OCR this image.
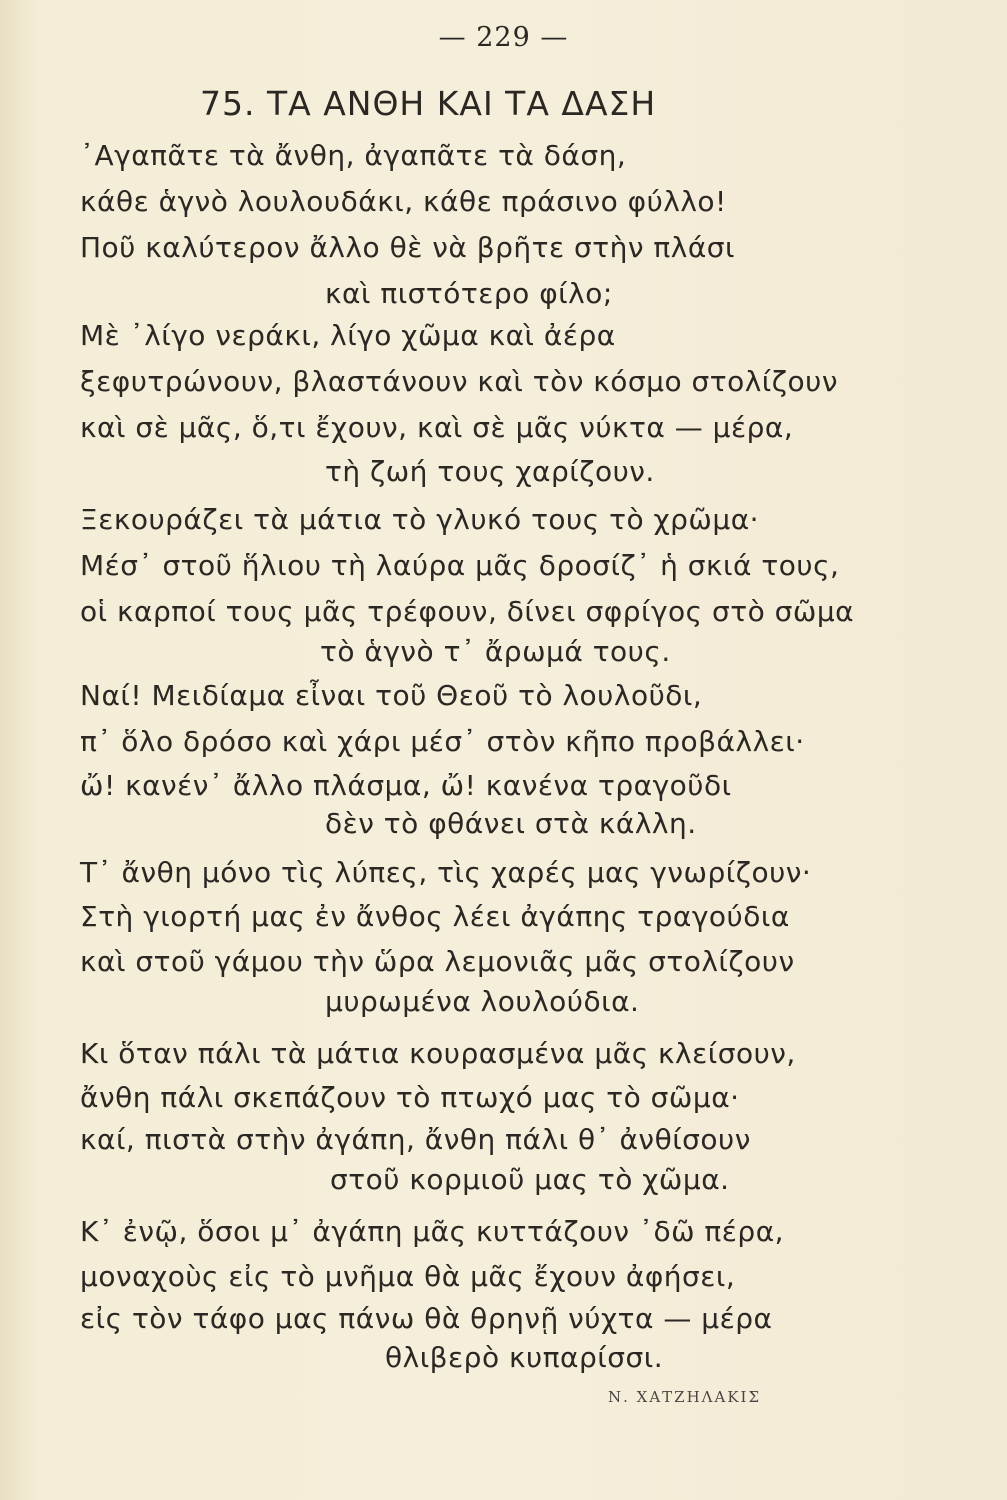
— 229 —
75. ΤΑ ΑΝΘΗ ΚΑΙ ΤΑ ΔΑΣΗ
᾿Αγαπᾶτε τὰ ἄνθη, ἀγαπᾶτε τὰ δάση,
κάθε ἁγνὸ λουλουδάκι, κάθε πράσινο φύλλο!
Ποῦ καλύτερον ἄλλο θὲ νὰ βρῆτε στὴν πλάσι
καὶ πιστότερο φίλο;
Μὲ ᾿λίγο νεράκι, λίγο χῶμα καὶ ἀέρα
ξεφυτρώνουν, βλαστάνουν καὶ τὸν κόσμο στολίζουν
καὶ σὲ μᾶς, ὅ,τι ἔχουν, καὶ σὲ μᾶς νύκτα — μέρα,
τὴ ζωή τους χαρίζουν.
Ξεκουράζει τὰ μάτια τὸ γλυκό τους τὸ χρῶμα·
Μέσ᾿ στοῦ ἥλιου τὴ λαύρα μᾶς δροσίζ᾿ ἡ σκιά τους,
οἱ καρποί τους μᾶς τρέφουν, δίνει σφρίγος στὸ σῶμα
τὸ ἁγνὸ τ᾿ ἄρωμά τους.
Ναί! Μειδίαμα εἶναι τοῦ Θεοῦ τὸ λουλοῦδι,
π᾿ ὅλο δρόσο καὶ χάρι μέσ᾿ στὸν κῆπο προβάλλει·
ὤ! κανέν᾿ ἄλλο πλάσμα, ὤ! κανένα τραγοῦδι
δὲν τὸ φθάνει στὰ κάλλη.
Τ᾿ ἄνθη μόνο τὶς λύπες, τὶς χαρές μας γνωρίζουν·
Στὴ γιορτή μας ἐν ἄνθος λέει ἀγάπης τραγούδια
καὶ στοῦ γάμου τὴν ὥρα λεμονιᾶς μᾶς στολίζουν
μυρωμένα λουλούδια.
Κι ὅταν πάλι τὰ μάτια κουρασμένα μᾶς κλείσουν,
ἄνθη πάλι σκεπάζουν τὸ πτωχό μας τὸ σῶμα·
καί, πιστὰ στὴν ἀγάπη, ἄνθη πάλι θ᾿ ἀνθίσουν
στοῦ κορμιοῦ μας τὸ χῶμα.
Κ᾿ ἐνῷ, ὅσοι μ᾿ ἀγάπη μᾶς κυττάζουν ᾿δῶ πέρα,
μοναχοὺς εἰς τὸ μνῆμα θὰ μᾶς ἔχουν ἀφήσει,
εἰς τὸν τάφο μας πάνω θὰ θρηνῇ νύχτα — μέρα
θλιβερὸ κυπαρίσσι.
Ν. ΧΑΤΖΗΛΑΚΙΣ
